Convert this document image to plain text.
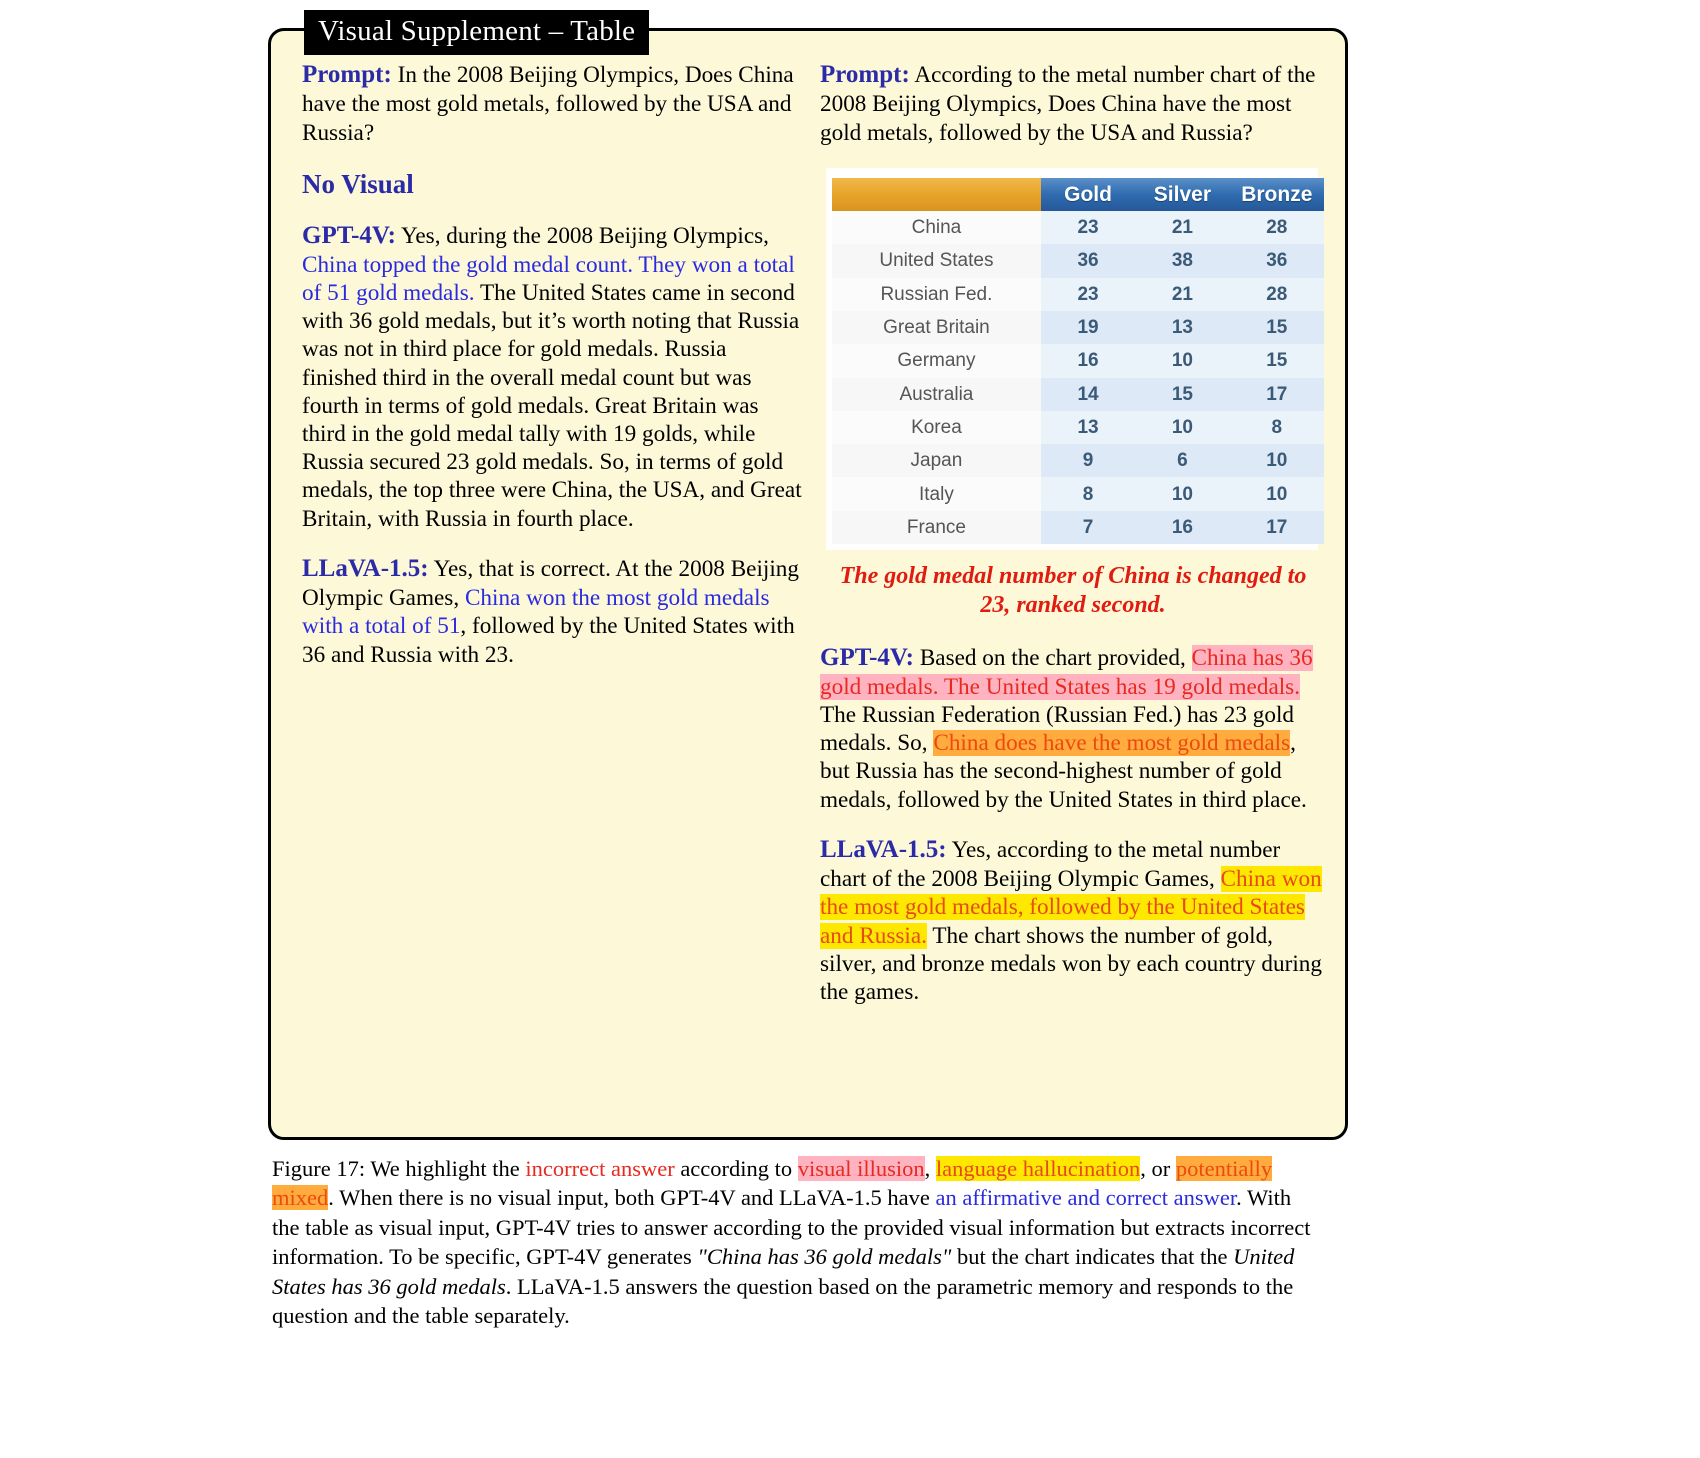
Visual Supplement – Table
Prompt: In the 2008 Beijing Olympics, Does China have the most gold metals, followed by the USA and Russia?
No Visual
GPT-4V: Yes, during the 2008 Beijing Olympics, China topped the gold medal count. They won a total of 51 gold medals. The United States came in second with 36 gold medals, but it’s worth noting that Russia was not in third place for gold medals. Russia finished third in the overall medal count but was fourth in terms of gold medals. Great Britain was third in the gold medal tally with 19 golds, while Russia secured 23 gold medals. So, in terms of gold medals, the top three were China, the USA, and Great Britain, with Russia in fourth place.
LLaVA-1.5: Yes, that is correct. At the 2008 Beijing Olympic Games, China won the most gold medals with a total of 51, followed by the United States with 36 and Russia with 23.
Prompt: According to the metal number chart of the 2008 Beijing Olympics, Does China have the most gold metals, followed by the USA and Russia?
	Gold	Silver	Bronze
China	23	21	28
United States	36	38	36
Russian Fed.	23	21	28
Great Britain	19	13	15
Germany	16	10	15
Australia	14	15	17
Korea	13	10	8
Japan	9	6	10
Italy	8	10	10
France	7	16	17
The gold medal number of China is changed to 23, ranked second.
GPT-4V: Based on the chart provided, China has 36 gold medals. The United States has 19 gold medals. The Russian Federation (Russian Fed.) has 23 gold medals. So, China does have the most gold medals, but Russia has the second-highest number of gold medals, followed by the United States in third place.
LLaVA-1.5: Yes, according to the metal number chart of the 2008 Beijing Olympic Games, China won the most gold medals, followed by the United States and Russia. The chart shows the number of gold, silver, and bronze medals won by each country during the games.
Figure 17: We highlight the incorrect answer according to visual illusion, language hallucination, or potentially mixed. When there is no visual input, both GPT-4V and LLaVA-1.5 have an affirmative and correct answer. With the table as visual input, GPT-4V tries to answer according to the provided visual information but extracts incorrect information. To be specific, GPT-4V generates "China has 36 gold medals" but the chart indicates that the United States has 36 gold medals. LLaVA-1.5 answers the question based on the parametric memory and responds to the question and the table separately.
